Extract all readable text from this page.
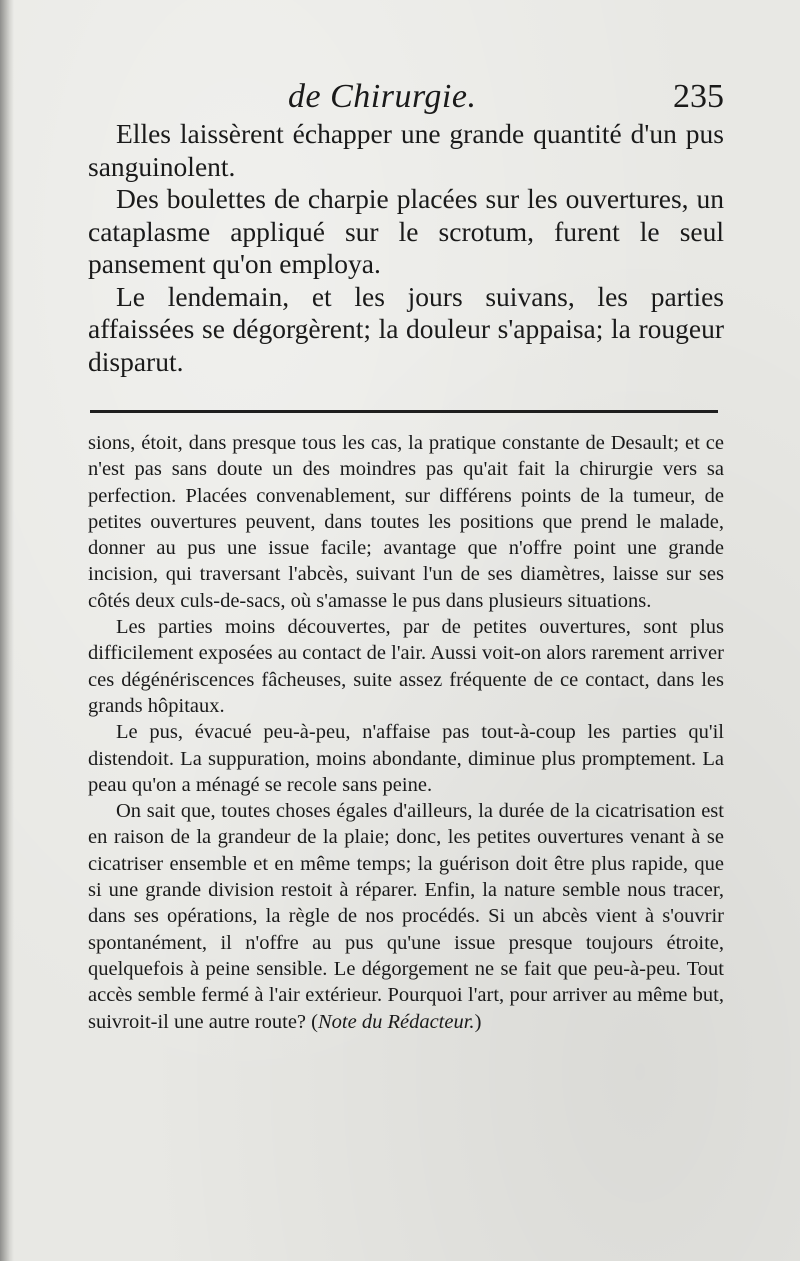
de Chirurgie.	235

Elles laissèrent échapper une grande quantité d'un pus sanguinolent.

Des boulettes de charpie placées sur les ouvertures, un cataplasme appliqué sur le scrotum, furent le seul pansement qu'on employa.

Le lendemain, et les jours suivans, les parties affaissées se dégorgèrent; la douleur s'appaisa; la rougeur disparut.

sions, étoit, dans presque tous les cas, la pratique constante de Desault; et ce n'est pas sans doute un des moindres pas qu'ait fait la chirurgie vers sa perfection. Placées convenablement, sur différens points de la tumeur, de petites ouvertures peuvent, dans toutes les positions que prend le malade, donner au pus une issue facile; avantage que n'offre point une grande incision, qui traversant l'abcès, suivant l'un de ses diamètres, laisse sur ses côtés deux culs-de-sacs, où s'amasse le pus dans plusieurs situations.

Les parties moins découvertes, par de petites ouvertures, sont plus difficilement exposées au contact de l'air. Aussi voit-on alors rarement arriver ces dégénériscences fâcheuses, suite assez fréquente de ce contact, dans les grands hôpitaux.

Le pus, évacué peu-à-peu, n'affaise pas tout-à-coup les parties qu'il distendoit. La suppuration, moins abondante, diminue plus promptement. La peau qu'on a ménagé se recole sans peine.

On sait que, toutes choses égales d'ailleurs, la durée de la cicatrisation est en raison de la grandeur de la plaie; donc, les petites ouvertures venant à se cicatriser ensemble et en même temps; la guérison doit être plus rapide, que si une grande division restoit à réparer. Enfin, la nature semble nous tracer, dans ses opérations, la règle de nos procédés. Si un abcès vient à s'ouvrir spontanément, il n'offre au pus qu'une issue presque toujours étroite, quelquefois à peine sensible. Le dégorgement ne se fait que peu-à-peu. Tout accès semble fermé à l'air extérieur. Pourquoi l'art, pour arriver au même but, suivroit-il une autre route? (Note du Rédacteur.)
